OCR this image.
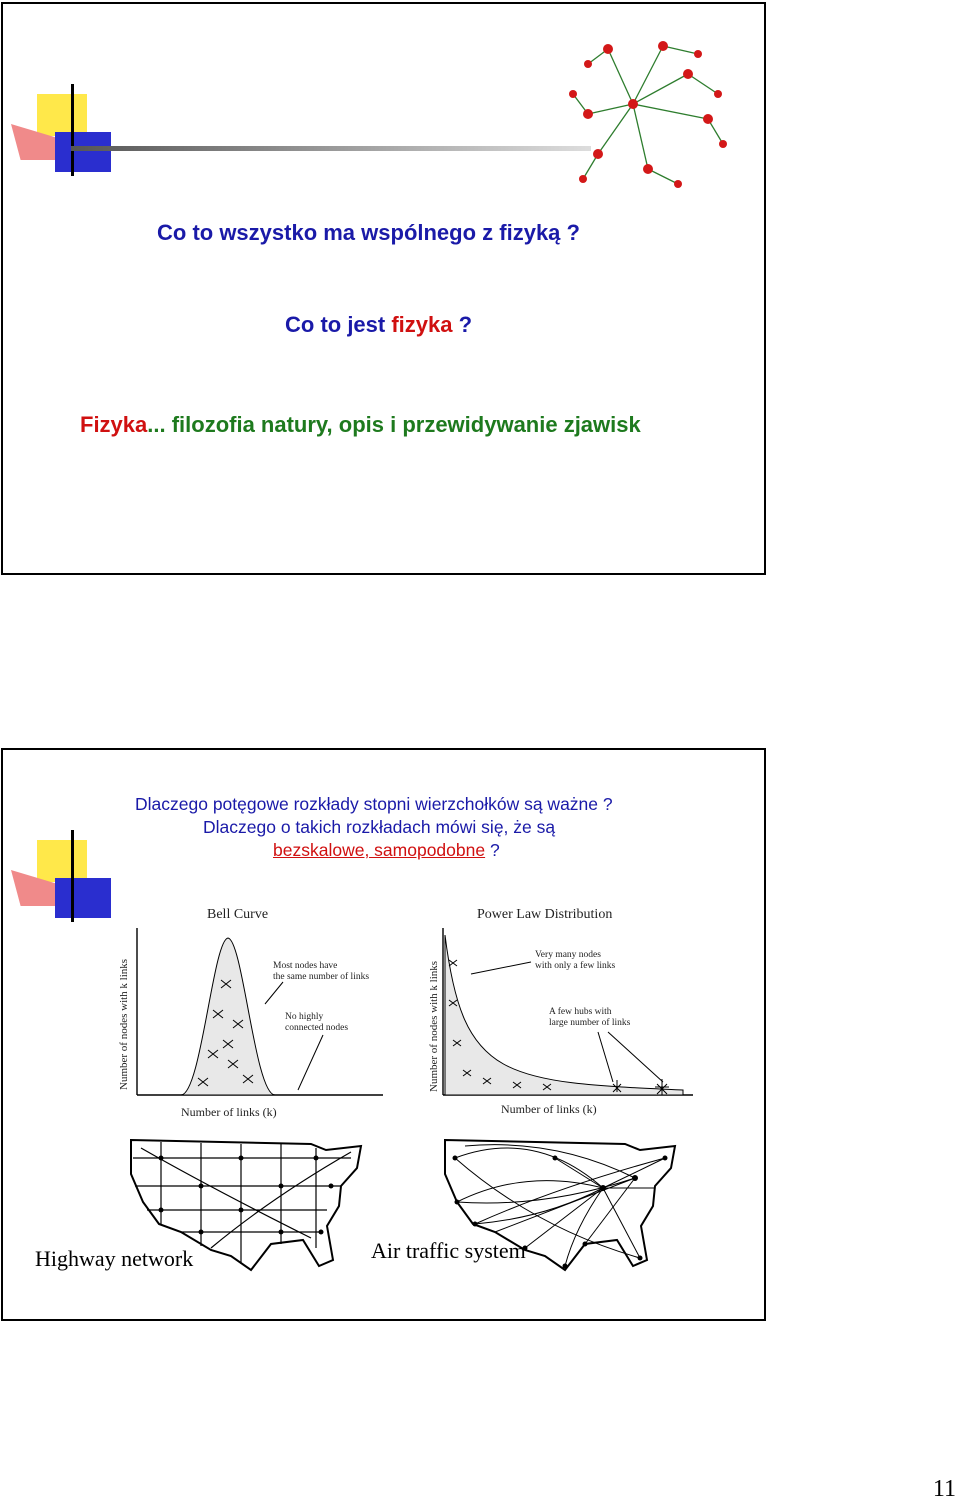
Co to wszystko ma wspólnego z fizyką ?
Co to jest fizyka ?
Fizyka... filozofia natury, opis i przewidywanie zjawisk
Dlaczego potęgowe rozkłady stopni wierzchołków są ważne ?
Dlaczego o takich rozkładach mówi się, że są
bezskalowe, samopodobne ?
Bell Curve
Number of nodes with k links
Number of links (k)
Most nodes have
the same number of links
No highly
connected nodes
Power Law Distribution
Number of nodes with k links
Number of links (k)
Very many nodes
with only a few links
A few hubs with
large number of links
Highway network	Air traffic system
11
